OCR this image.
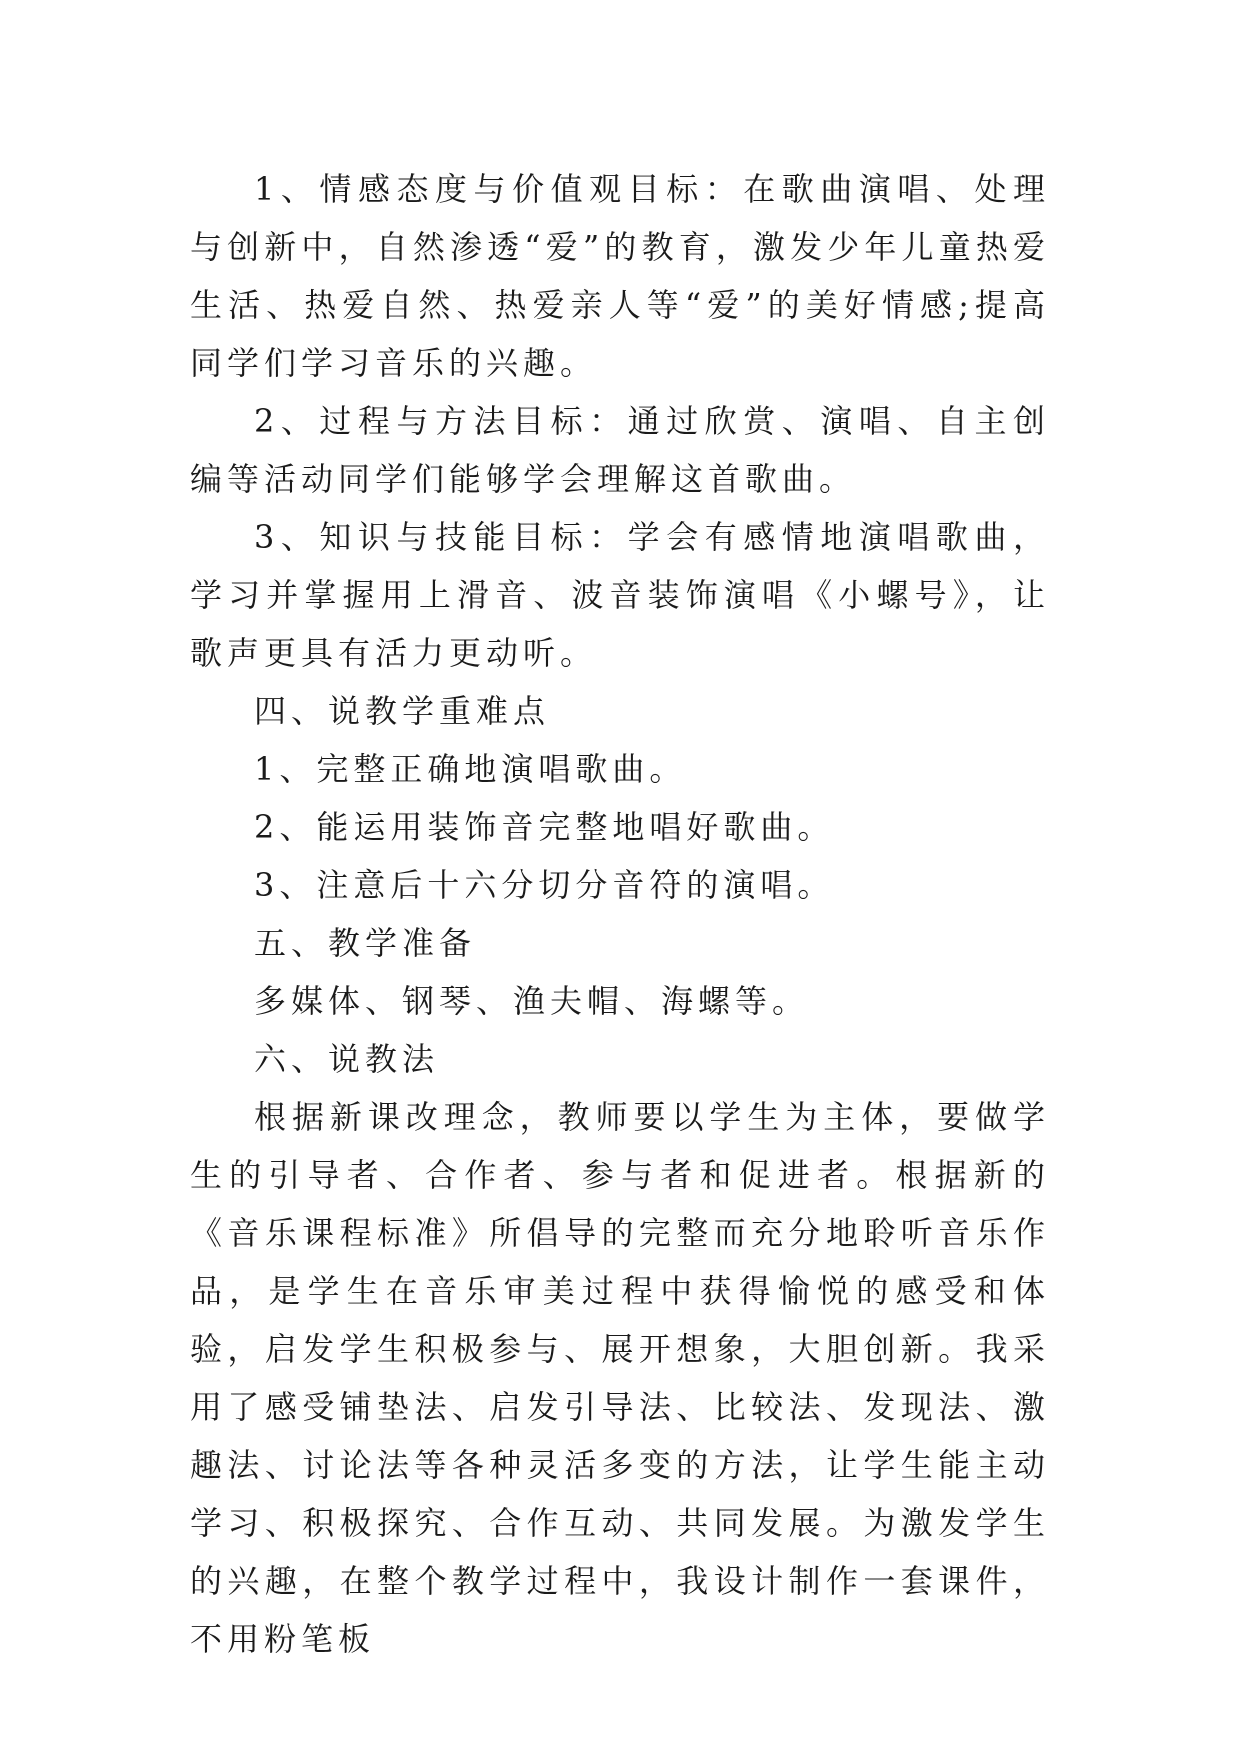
1、情感态度与价值观目标：在歌曲演唱、处理与创新中，自然渗透“爱”的教育，激发少年儿童热爱生活、热爱自然、热爱亲人等“爱”的美好情感;提高同学们学习音乐的兴趣。

2、过程与方法目标：通过欣赏、演唱、自主创编等活动同学们能够学会理解这首歌曲。

3、知识与技能目标：学会有感情地演唱歌曲，学习并掌握用上滑音、波音装饰演唱《小螺号》，让歌声更具有活力更动听。

四、说教学重难点

1、完整正确地演唱歌曲。

2、能运用装饰音完整地唱好歌曲。

3、注意后十六分切分音符的演唱。

五、教学准备

多媒体、钢琴、渔夫帽、海螺等。

六、说教法

根据新课改理念，教师要以学生为主体，要做学生的引导者、合作者、参与者和促进者。根据新的《音乐课程标准》所倡导的完整而充分地聆听音乐作品，是学生在音乐审美过程中获得愉悦的感受和体验，启发学生积极参与、展开想象，大胆创新。我采用了感受铺垫法、启发引导法、比较法、发现法、激趣法、讨论法等各种灵活多变的方法，让学生能主动学习、积极探究、合作互动、共同发展。为激发学生的兴趣，在整个教学过程中，我设计制作一套课件，不用粉笔板
